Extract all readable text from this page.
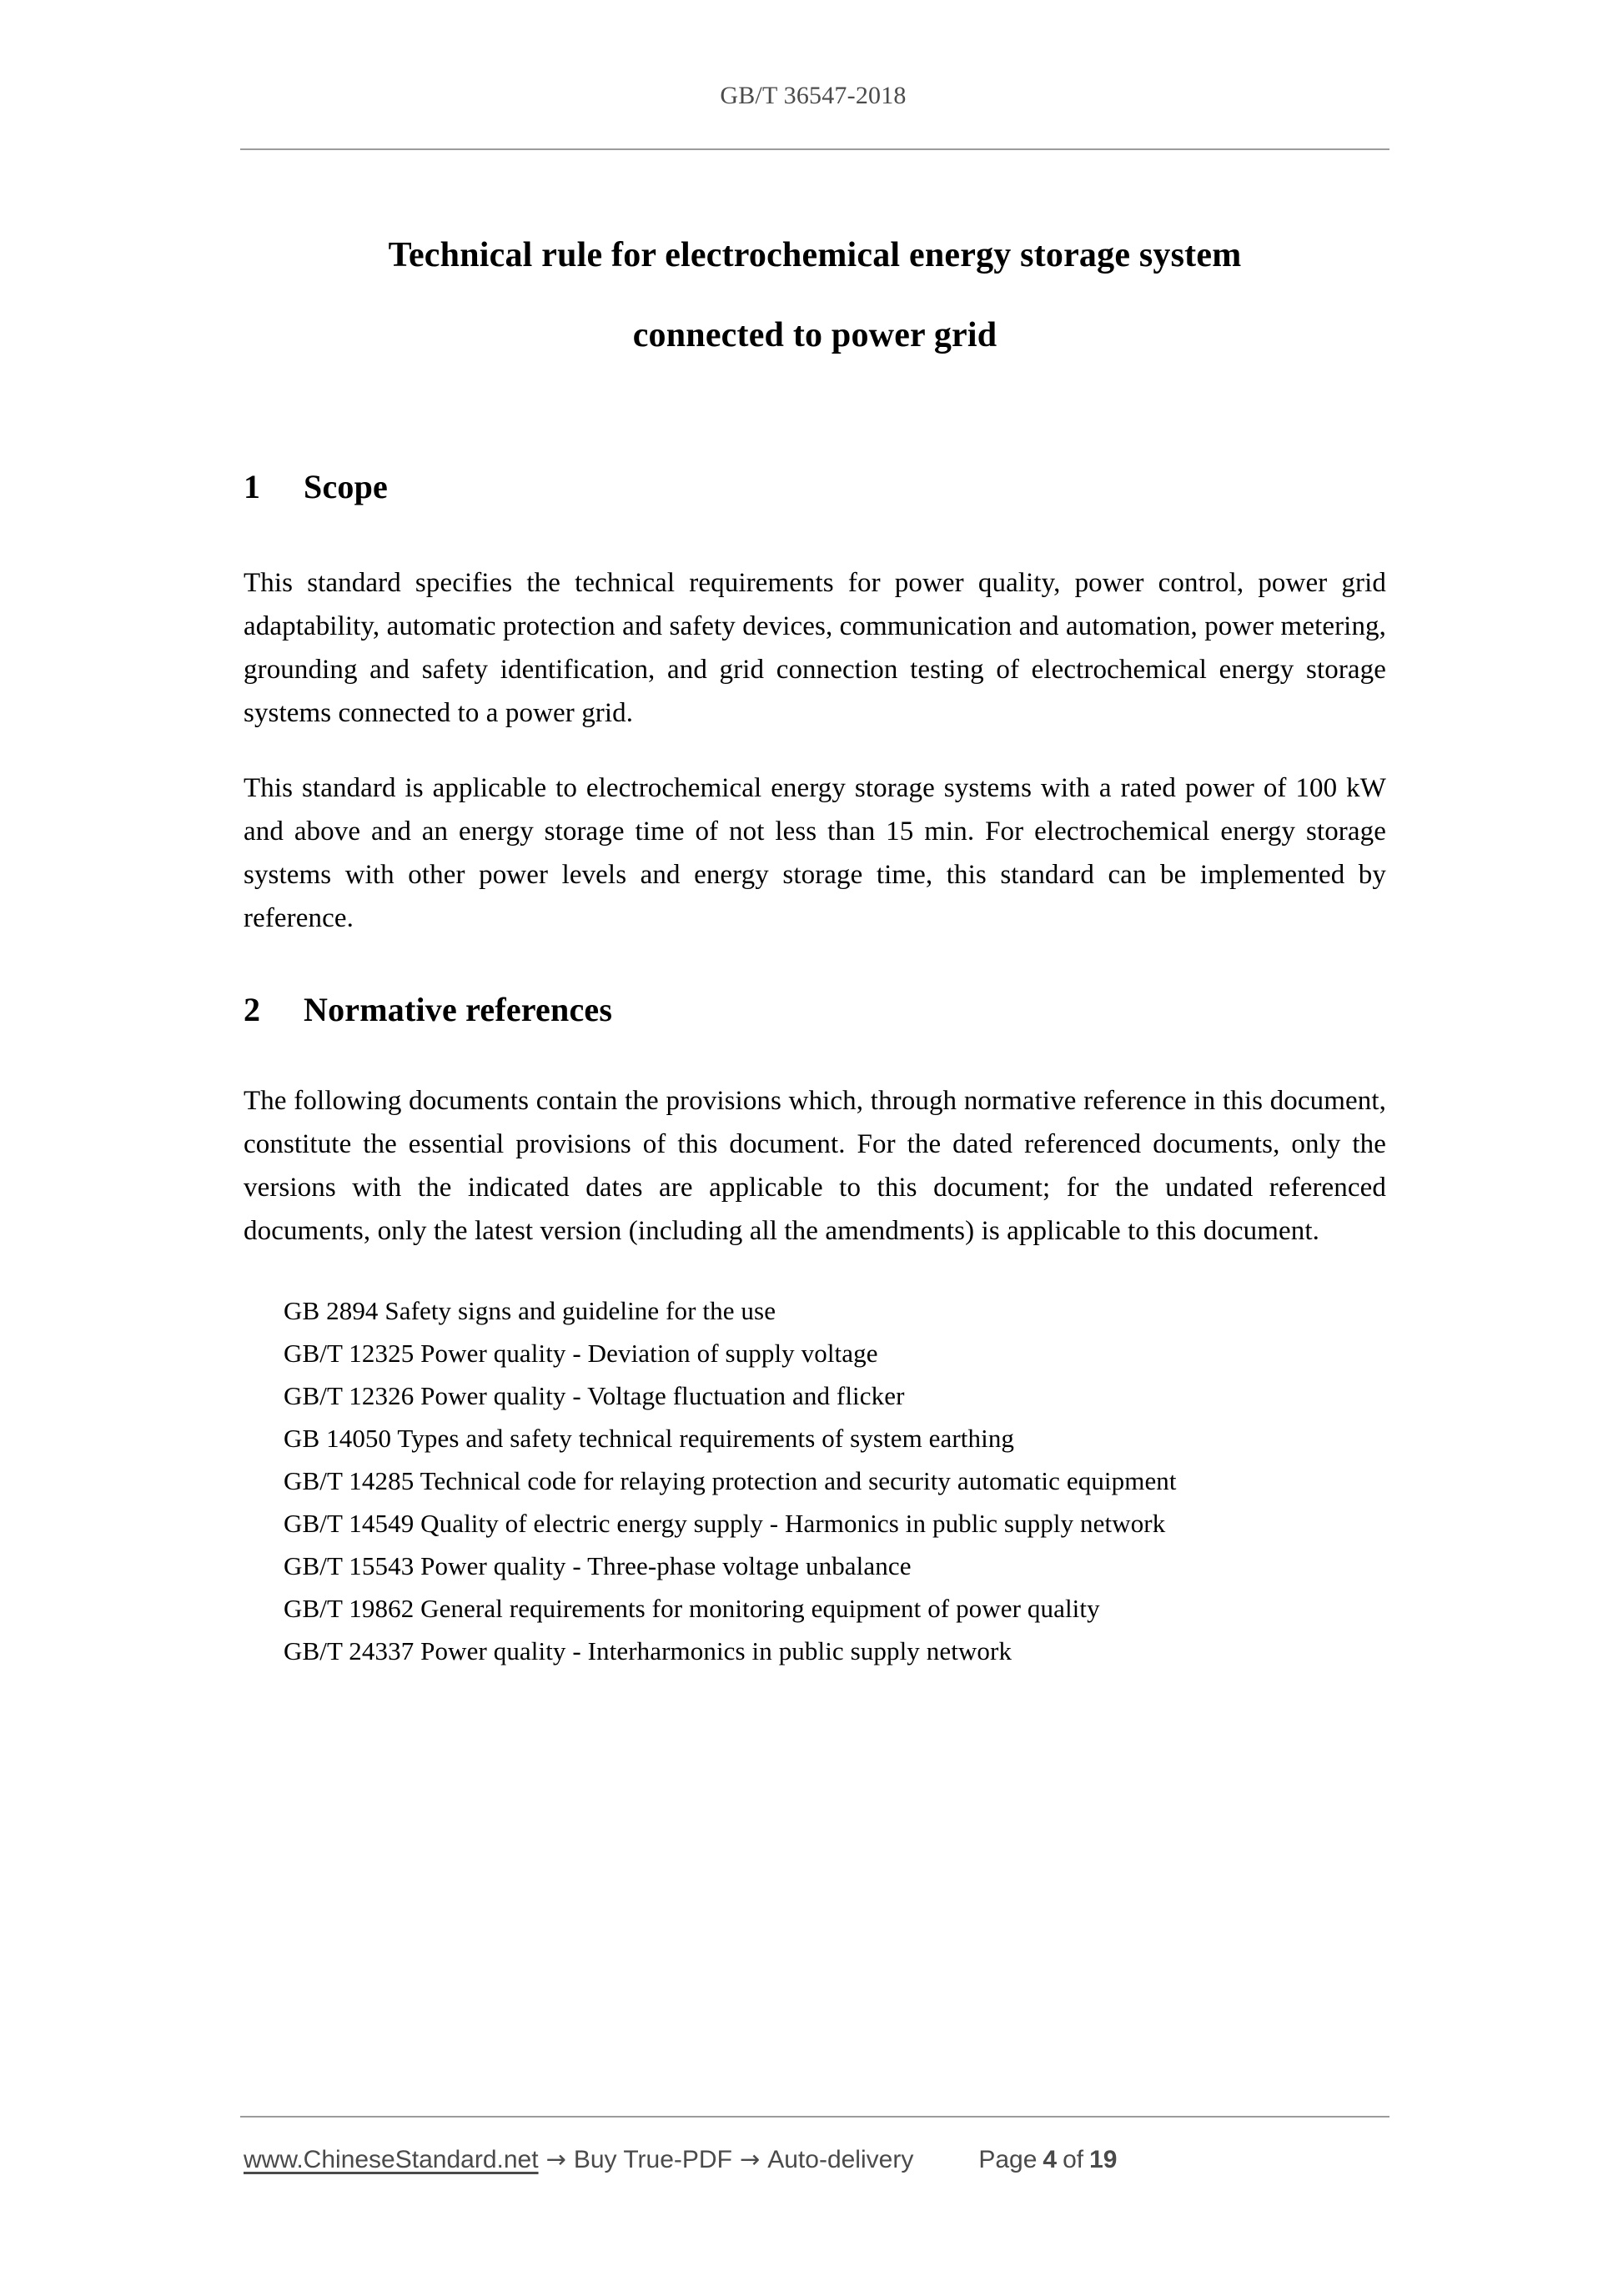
GB/T 36547-2018
Technical rule for electrochemical energy storage system
connected to power grid
1 Scope

This standard specifies the technical requirements for power quality, power control, power grid adaptability, automatic protection and safety devices, communication and automation, power metering, grounding and safety identification, and grid connection testing of electrochemical energy storage systems connected to a power grid.

This standard is applicable to electrochemical energy storage systems with a rated power of 100 kW and above and an energy storage time of not less than 15 min. For electrochemical energy storage systems with other power levels and energy storage time, this standard can be implemented by reference.

2 Normative references

The following documents contain the provisions which, through normative reference in this document, constitute the essential provisions of this document. For the dated referenced documents, only the versions with the indicated dates are applicable to this document; for the undated referenced documents, only the latest version (including all the amendments) is applicable to this document.

GB 2894 Safety signs and guideline for the use
GB/T 12325 Power quality - Deviation of supply voltage
GB/T 12326 Power quality - Voltage fluctuation and flicker
GB 14050 Types and safety technical requirements of system earthing
GB/T 14285 Technical code for relaying protection and security automatic equipment
GB/T 14549 Quality of electric energy supply - Harmonics in public supply network
GB/T 15543 Power quality - Three-phase voltage unbalance
GB/T 19862 General requirements for monitoring equipment of power quality
GB/T 24337 Power quality - Interharmonics in public supply network
www.ChineseStandard.net → Buy True-PDF → Auto-delivery	Page 4 of 19
